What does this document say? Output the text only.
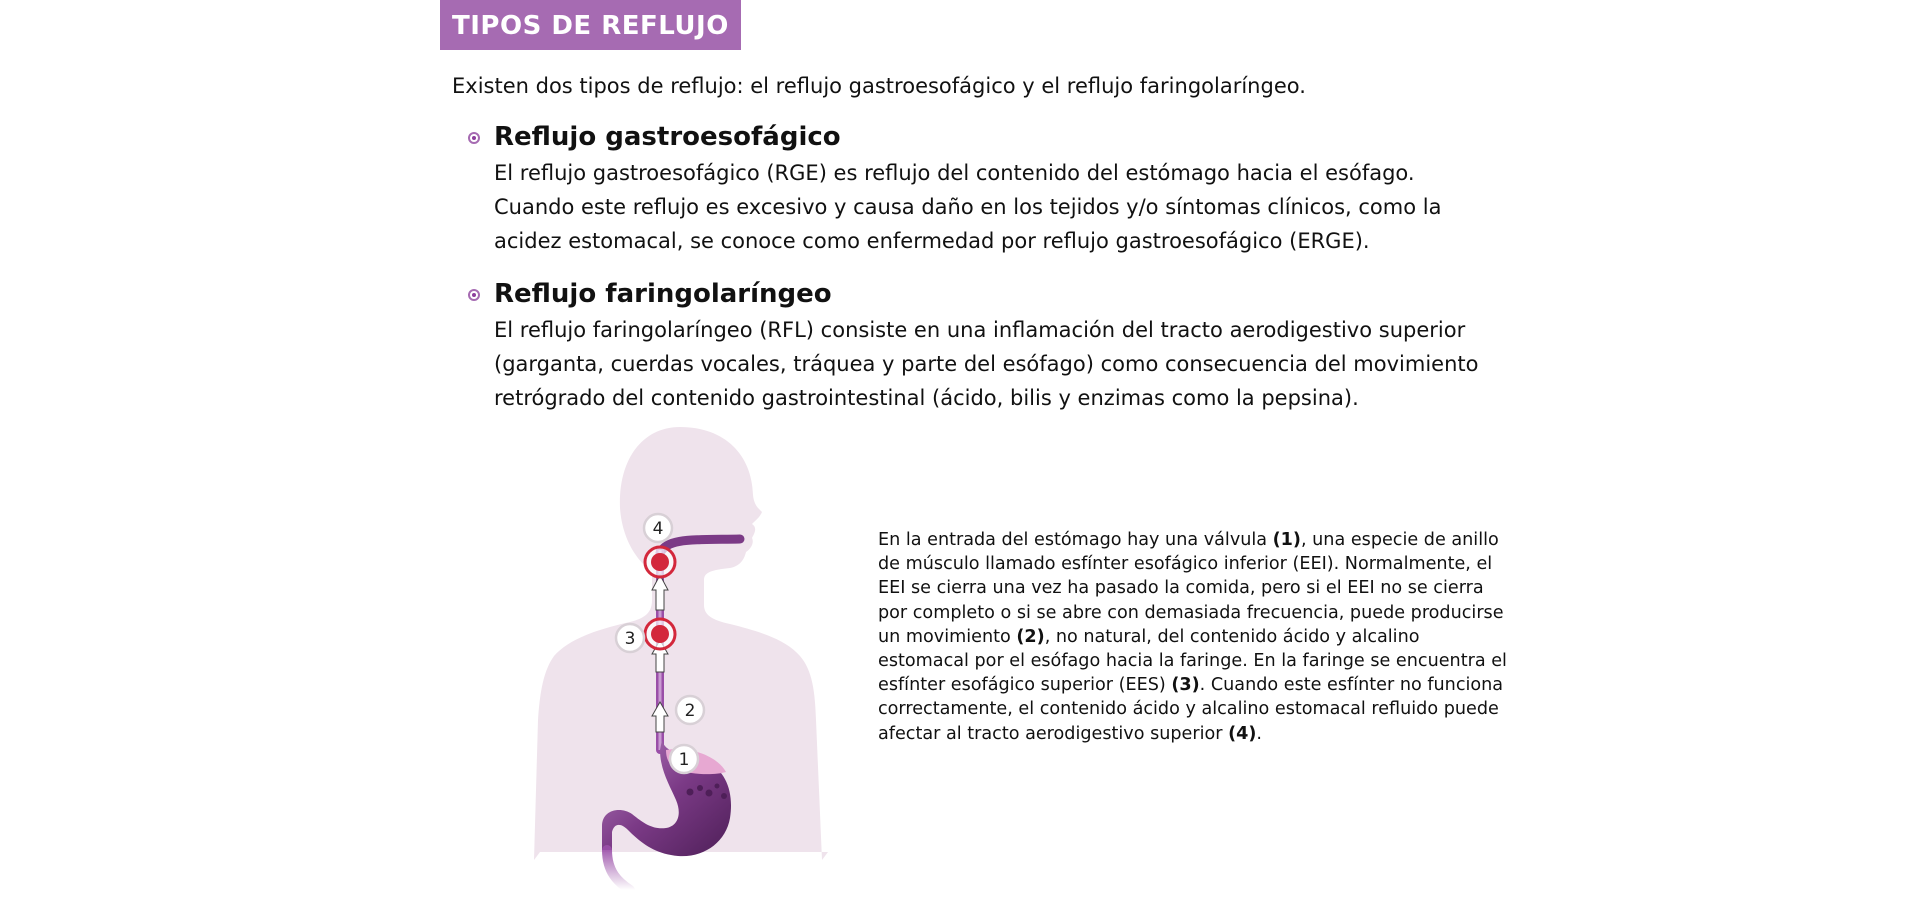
TIPOS DE REFLUJO
Existen dos tipos de reflujo: el reflujo gastroesofágico y el reflujo faringolaríngeo.
Reflujo gastroesofágico

El reflujo gastroesofágico (RGE) es reflujo del contenido del estómago hacia el esófago.

Cuando este reflujo es excesivo y causa daño en los tejidos y/o síntomas clínicos, como la acidez estomacal, se conoce como enfermedad por reflujo gastroesofágico (ERGE).

Reflujo faringolaríngeo

El reflujo faringolaríngeo (RFL) consiste en una inflamación del tracto aerodigestivo superior (garganta, cuerdas vocales, tráquea y parte del esófago) como consecuencia del movimiento retrógrado del contenido gastrointestinal (ácido, bilis y enzimas como la pepsina).

4
3
2
1
En la entrada del estómago hay una válvula (1), una especie de anillo de músculo llamado esfínter esofágico inferior (EEI). Normalmente, el EEI se cierra una vez ha pasado la comida, pero si el EEI no se cierra por completo o si se abre con demasiada frecuencia, puede producirse un movimiento (2), no natural, del contenido ácido y alcalino estomacal por el esófago hacia la faringe. En la faringe se encuentra el esfínter esofágico superior (EES) (3). Cuando este esfínter no funciona correctamente, el contenido ácido y alcalino estomacal refluido puede afectar al tracto aerodigestivo superior (4).
